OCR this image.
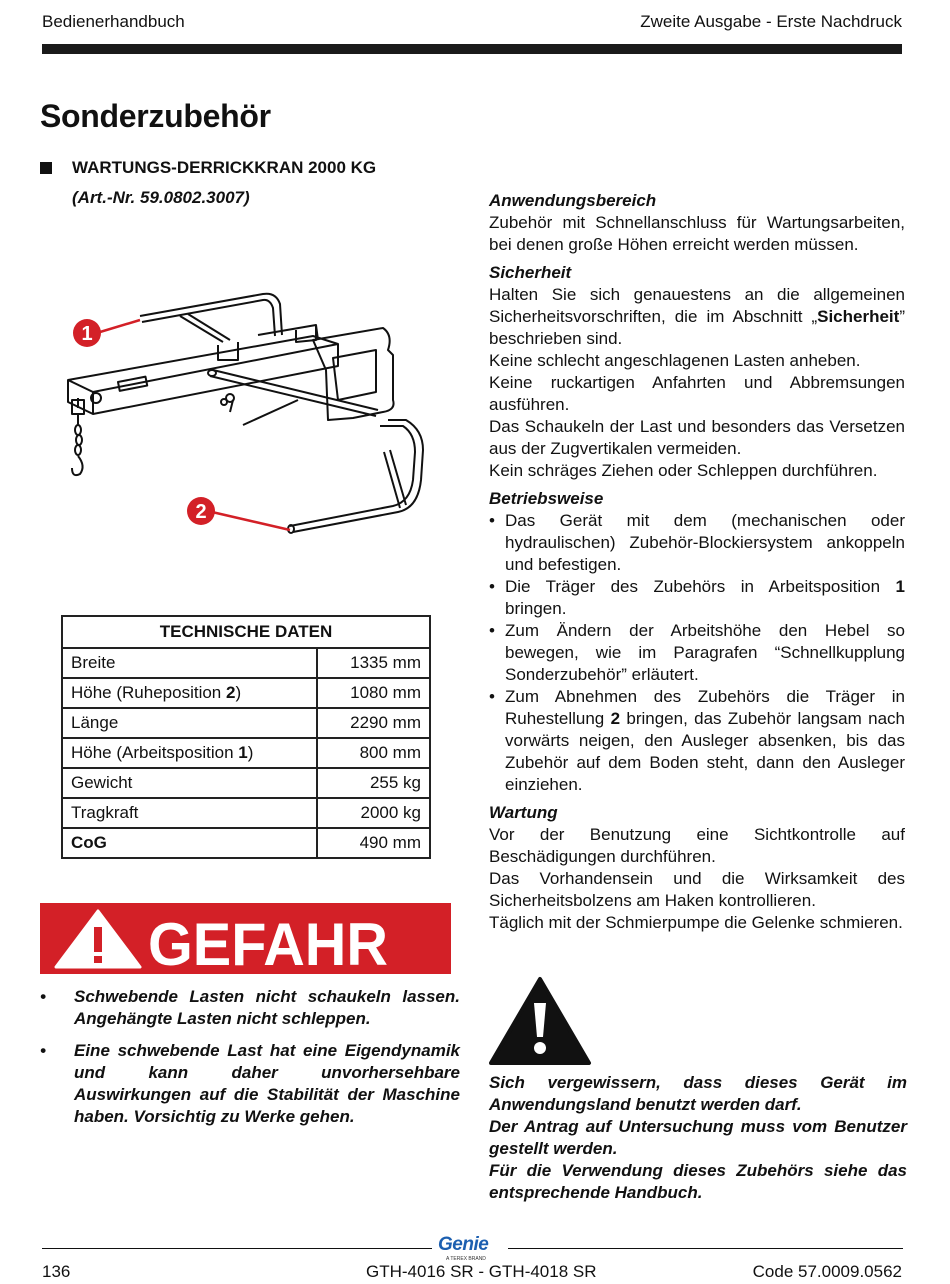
Bedienerhandbuch	Zweite Ausgabe - Erste Nachdruck
Sonderzubehör
WARTUNGS-DERRICKKRAN 2000 KG
(Art.-Nr. 59.0802.3007)
1
2
TECHNISCHE DATEN	
Breite	1335 mm
Höhe (Ruheposition 2)	1080 mm
Länge	2290 mm
Höhe (Arbeitsposition 1)	800 mm
Gewicht	255 kg
Tragkraft	2000 kg
CoG	490 mm
GEFAHR
• Schwebende Lasten nicht schaukeln lassen. Angehängte Lasten nicht schleppen.
• Eine schwebende Last hat eine Eigendynamik und kann daher unvorhersehbare Auswirkungen auf die Stabilität der Maschine haben. Vorsichtig zu Werke gehen.
Anwendungsbereich

Zubehör mit Schnellanschluss für Wartungsarbeiten, bei denen große Höhen erreicht werden müssen.

Sicherheit

Halten Sie sich genauestens an die allgemeinen Sicherheitsvorschriften, die im Abschnitt „Sicherheit” beschrieben sind.

Keine schlecht angeschlagenen Lasten anheben.

Keine ruckartigen Anfahrten und Abbremsungen ausführen.

Das Schaukeln der Last und besonders das Versetzen aus der Zugvertikalen vermeiden.

Kein schräges Ziehen oder Schleppen durchführen.

Betriebsweise
• Das Gerät mit dem (mechanischen oder hydraulischen) Zubehör-Blockiersystem ankoppeln und befestigen.
• Die Träger des Zubehörs in Arbeitsposition 1 bringen.
• Zum Ändern der Arbeitshöhe den Hebel so bewegen, wie im Paragrafen “Schnellkupplung Sonderzubehör” erläutert.
• Zum Abnehmen des Zubehörs die Träger in Ruhestellung 2 bringen, das Zubehör langsam nach vorwärts neigen, den Ausleger absenken, bis das Zubehör auf dem Boden steht, dann den Ausleger einziehen.
Wartung

Vor der Benutzung eine Sichtkontrolle auf Beschädigungen durchführen.

Das Vorhandensein und die Wirksamkeit des Sicherheitsbolzens am Haken kontrollieren.

Täglich mit der Schmierpumpe die Gelenke schmieren.

Sich vergewissern, dass dieses Gerät im Anwendungsland benutzt werden darf.

Der Antrag auf Untersuchung muss vom Benutzer gestellt werden.

Für die Verwendung dieses Zubehörs siehe das entsprechende Handbuch.

Genie
A TEREX BRAND
136	GTH-4016 SR - GTH-4018 SR	Code 57.0009.0562
